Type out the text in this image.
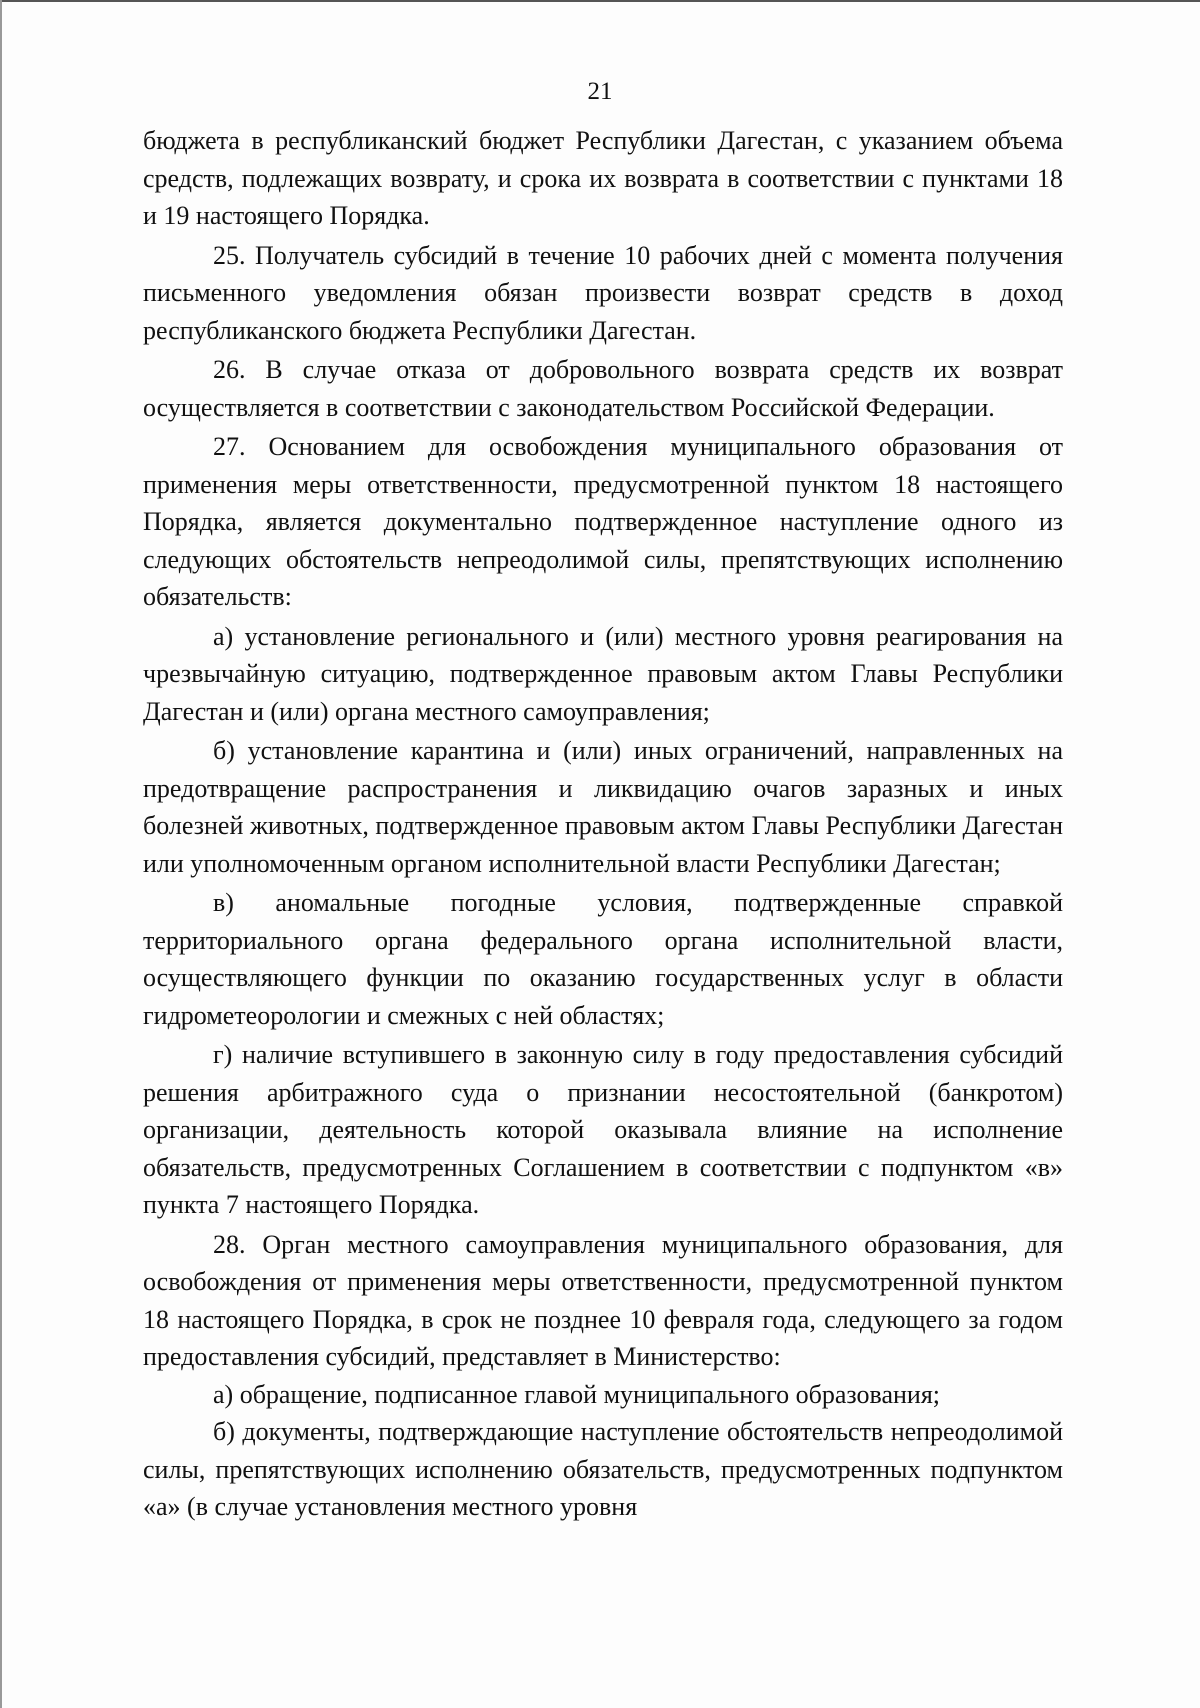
21

бюджета в республиканский бюджет Республики Дагестан, с указанием объема средств, подлежащих возврату, и срока их возврата в соответствии с пунктами 18 и 19 настоящего Порядка.

25. Получатель субсидий в течение 10 рабочих дней с момента получения письменного уведомления обязан произвести возврат средств в доход республиканского бюджета Республики Дагестан.

26. В случае отказа от добровольного возврата средств их возврат осуществляется в соответствии с законодательством Российской Федерации.

27. Основанием для освобождения муниципального образования от применения меры ответственности, предусмотренной пунктом 18 настоящего Порядка, является документально подтвержденное наступление одного из следующих обстоятельств непреодолимой силы, препятствующих исполнению обязательств:

а) установление регионального и (или) местного уровня реагирования на чрезвычайную ситуацию, подтвержденное правовым актом Главы Республики Дагестан и (или) органа местного самоуправления;

б) установление карантина и (или) иных ограничений, направленных на предотвращение распространения и ликвидацию очагов заразных и иных болезней животных, подтвержденное правовым актом Главы Республики Дагестан или уполномоченным органом исполнительной власти Республики Дагестан;

в) аномальные погодные условия, подтвержденные справкой территориального органа федерального органа исполнительной власти, осуществляющего функции по оказанию государственных услуг в области гидрометеорологии и смежных с ней областях;

г) наличие вступившего в законную силу в году предоставления субсидий решения арбитражного суда о признании несостоятельной (банкротом) организации, деятельность которой оказывала влияние на исполнение обязательств, предусмотренных Соглашением в соответствии с подпунктом «в» пункта 7 настоящего Порядка.

28. Орган местного самоуправления муниципального образования, для освобождения от применения меры ответственности, предусмотренной пунктом 18 настоящего Порядка, в срок не позднее 10 февраля года, следующего за годом предоставления субсидий, представляет в Министерство:

а) обращение, подписанное главой муниципального образования;

б) документы, подтверждающие наступление обстоятельств непреодолимой силы, препятствующих исполнению обязательств, предусмотренных подпунктом «а» (в случае установления местного уровня
